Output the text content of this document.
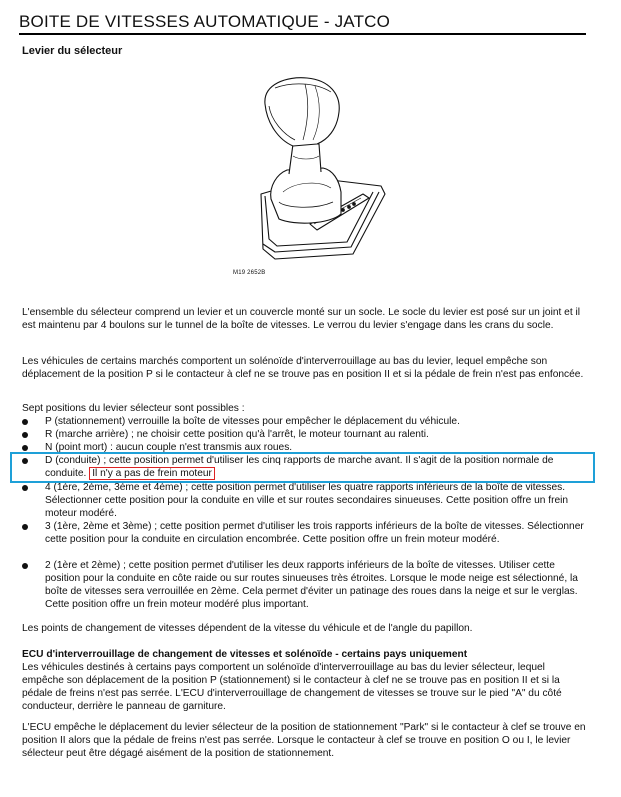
BOITE DE VITESSES AUTOMATIQUE - JATCO
Levier du sélecteur
M19 2652B

L'ensemble du sélecteur comprend un levier et un couvercle monté sur un socle. Le socle du levier est posé sur un joint et il est maintenu par 4 boulons sur le tunnel de la boîte de vitesses. Le verrou du levier s'engage dans les crans du socle.

Les véhicules de certains marchés comportent un solénoïde d'interverrouillage au bas du levier, lequel empêche son déplacement de la position P si le contacteur à clef ne se trouve pas en position II et si la pédale de frein n'est pas enfoncée.

Sept positions du levier sélecteur sont possibles :

P (stationnement) verrouille la boîte de vitesses pour empêcher le déplacement du véhicule.
R (marche arrière) ; ne choisir cette position qu'à l'arrêt, le moteur tournant au ralenti.
N (point mort) : aucun couple n'est transmis aux roues.
D (conduite) ; cette position permet d'utiliser les cinq rapports de marche avant. Il s'agit de la position normale de conduite. Il n'y a pas de frein moteur
4 (1ère, 2ème, 3ème et 4ème) ; cette position permet d'utiliser les quatre rapports inférieurs de la boîte de vitesses. Sélectionner cette position pour la conduite en ville et sur routes secondaires sinueuses. Cette position offre un frein moteur modéré.
3 (1ère, 2ème et 3ème) ; cette position permet d'utiliser les trois rapports inférieurs de la boîte de vitesses. Sélectionner cette position pour la conduite en circulation encombrée. Cette position offre un frein moteur modéré.
2 (1ère et 2ème) ; cette position permet d'utiliser les deux rapports inférieurs de la boîte de vitesses. Utiliser cette position pour la conduite en côte raide ou sur routes sinueuses très étroites. Lorsque le mode neige est sélectionné, la boîte de vitesses sera verrouillée en 2ème. Cela permet d'éviter un patinage des roues dans la neige et sur le verglas. Cette position offre un frein moteur modéré plus important.

Les points de changement de vitesses dépendent de la vitesse du véhicule et de l'angle du papillon.

ECU d'interverrouillage de changement de vitesses et solénoïde - certains pays uniquement

Les véhicules destinés à certains pays comportent un solénoïde d'interverrouillage au bas du levier sélecteur, lequel empêche son déplacement de la position P (stationnement) si le contacteur à clef ne se trouve pas en position II et si la pédale de freins n'est pas serrée. L'ECU d'interverrouillage de changement de vitesses se trouve sur le pied "A" du côté conducteur, derrière le panneau de garniture.

L'ECU empêche le déplacement du levier sélecteur de la position de stationnement "Park" si le contacteur à clef se trouve en position II alors que la pédale de freins n'est pas serrée. Lorsque le contacteur à clef se trouve en position O ou I, le levier sélecteur peut être dégagé aisément de la position de stationnement.
